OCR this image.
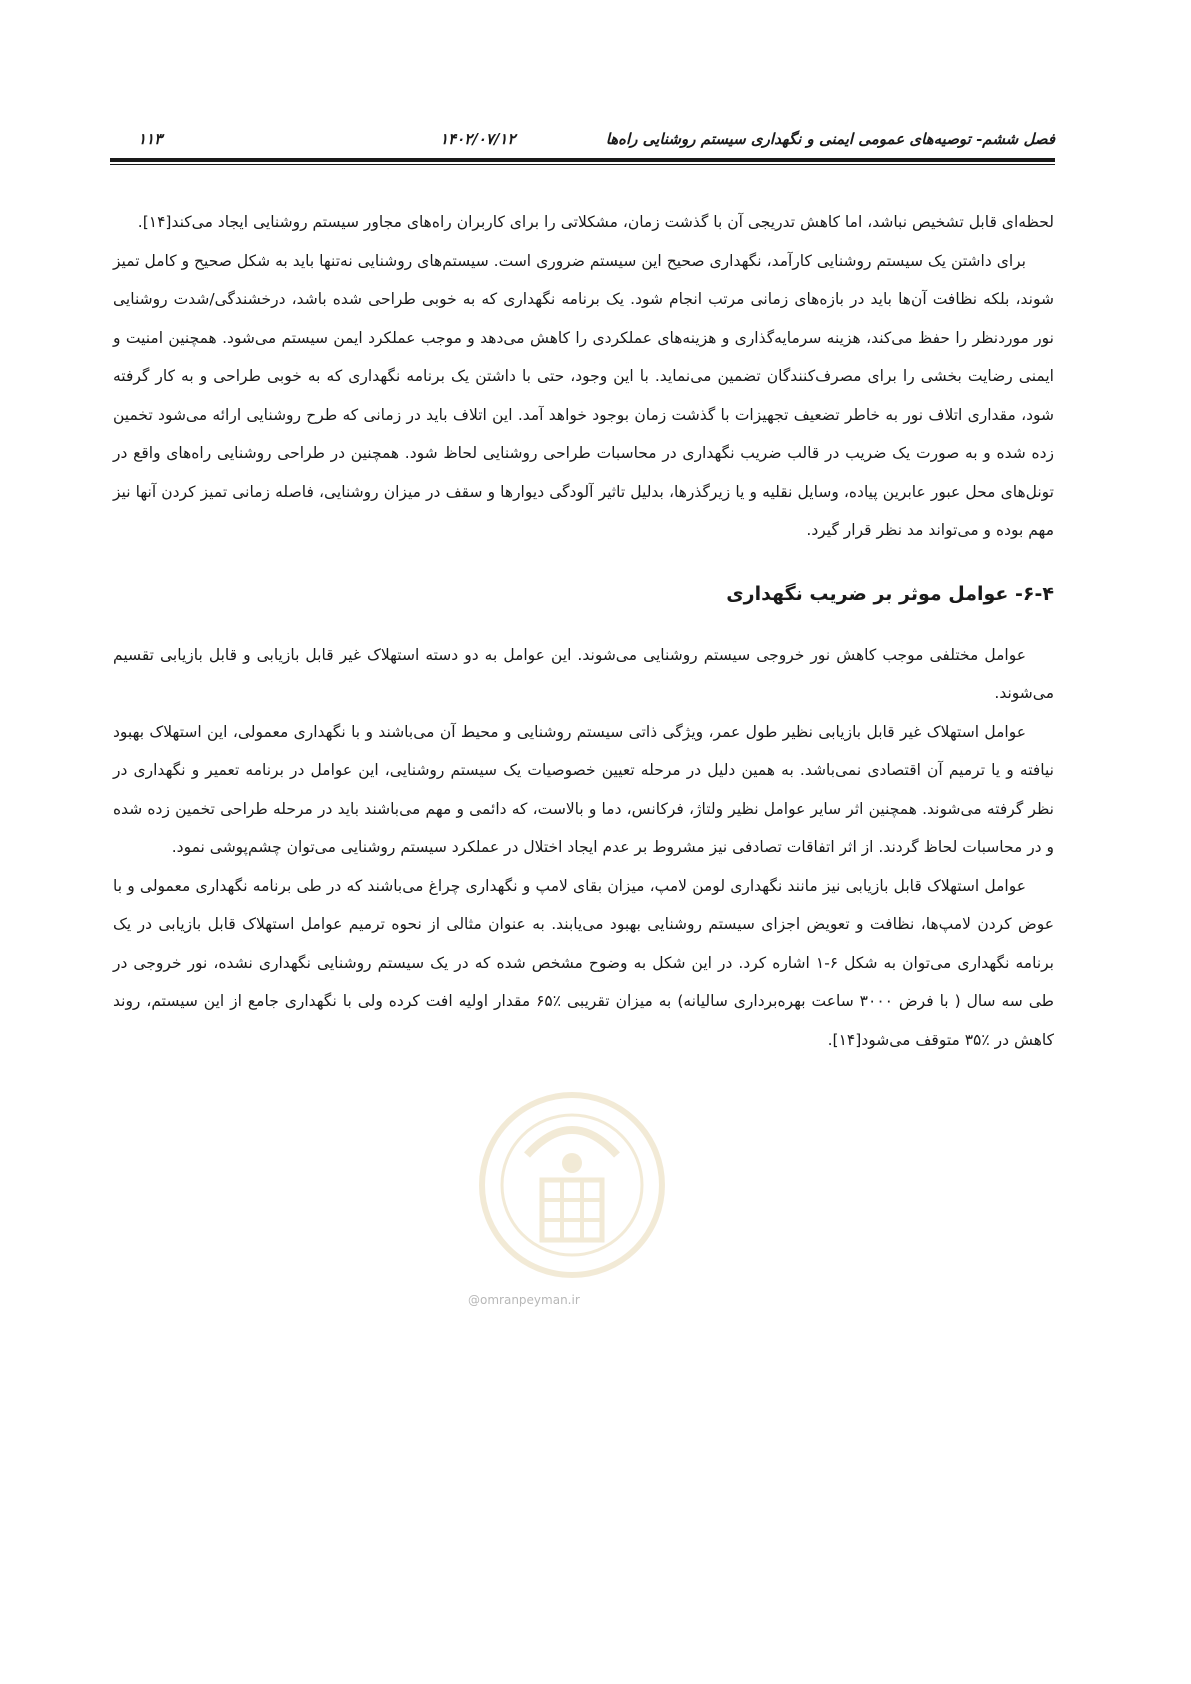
فصل ششم- توصیه‌های عمومی ایمنی و نگهداری سیستم روشنایی راه‌ها
۱۴۰۲/۰۷/۱۲
۱۱۳

لحظه‌ای قابل تشخیص نباشد، اما کاهش تدریجی آن با گذشت زمان، مشکلاتی را برای کاربران راه‌های مجاور سیستم روشنایی ایجاد می‌کند[۱۴].

برای داشتن یک سیستم روشنایی کارآمد، نگهداری صحیح این سیستم ضروری است. سیستم‌های روشنایی نه‌تنها باید به شکل صحیح و کامل تمیز شوند، بلکه نظافت آن‌ها باید در بازه‌های زمانی مرتب انجام شود. یک برنامه نگهداری که به خوبی طراحی شده باشد، درخشندگی/شدت روشنایی نور موردنظر را حفظ می‌کند، هزینه سرمایه‌گذاری و هزینه‌های عملکردی را کاهش می‌دهد و موجب عملکرد ایمن سیستم می‌شود. همچنین امنیت و ایمنی رضایت بخشی را برای مصرف‌کنندگان تضمین می‌نماید. با این وجود، حتی با داشتن یک برنامه نگهداری که به خوبی طراحی و به کار گرفته شود، مقداری اتلاف نور به خاطر تضعیف تجهیزات با گذشت زمان بوجود خواهد آمد. این اتلاف باید در زمانی که طرح روشنایی ارائه می‌شود تخمین زده شده و به صورت یک ضریب در قالب ضریب نگهداری در محاسبات طراحی روشنایی لحاظ شود. همچنین در طراحی روشنایی راه‌های واقع در تونل‌های محل عبور عابرین پیاده، وسایل نقلیه و یا زیرگذرها، بدلیل تاثیر آلودگی دیوارها و سقف در میزان روشنایی، فاصله زمانی تمیز کردن آنها نیز مهم بوده و می‌تواند مد نظر قرار گیرد.

۶-۴- عوامل موثر بر ضریب نگهداری

عوامل مختلفی موجب کاهش نور خروجی سیستم روشنایی می‌شوند. این عوامل به دو دسته استهلاک غیر قابل بازیابی و قابل بازیابی تقسیم می‌شوند.

عوامل استهلاک غیر قابل بازیابی نظیر طول عمر، ویژگی ذاتی سیستم روشنایی و محیط آن می‌باشند و با نگهداری معمولی، این استهلاک بهبود نیافته و یا ترمیم آن اقتصادی نمی‌باشد. به همین دلیل در مرحله تعیین خصوصیات یک سیستم روشنایی، این عوامل در برنامه تعمیر و نگهداری در نظر گرفته می‌شوند. همچنین اثر سایر عوامل نظیر ولتاژ، فرکانس، دما و بالاست، که دائمی و مهم می‌باشند باید در مرحله طراحی تخمین زده شده و در محاسبات لحاظ گردند. از اثر اتفاقات تصادفی نیز مشروط بر عدم ایجاد اختلال در عملکرد سیستم روشنایی می‌توان چشم‌پوشی نمود.

عوامل استهلاک قابل بازیابی نیز مانند نگهداری لومن لامپ، میزان بقای لامپ و نگهداری چراغ می‌باشند که در طی برنامه نگهداری معمولی و با عوض کردن لامپ‌ها، نظافت و تعویض اجزای سیستم روشنایی بهبود می‌یابند. به عنوان مثالی از نحوه ترمیم عوامل استهلاک قابل بازیابی در یک برنامه نگهداری می‌توان به شکل ۶-۱ اشاره کرد. در این شکل به وضوح مشخص شده که در یک سیستم روشنایی نگهداری نشده، نور خروجی در طی سه سال ( با فرض ۳۰۰۰ ساعت بهره‌برداری سالیانه) به میزان تقریبی ٪۶۵ مقدار اولیه افت کرده ولی با نگهداری جامع از این سیستم، روند کاهش در ٪۳۵ متوقف می‌شود[۱۴].

@omranpeyman.ir
